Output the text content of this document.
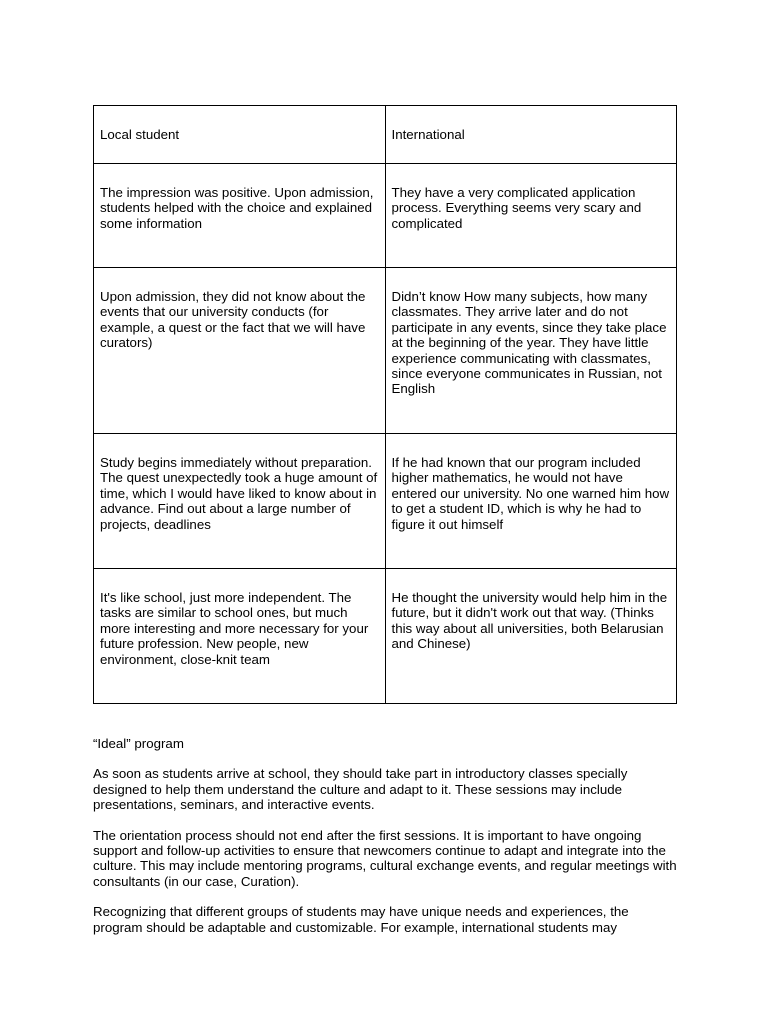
Local student	International
The impression was positive. Upon admission, students helped with the choice and explained some information	They have a very complicated application process. Everything seems very scary and complicated
Upon admission, they did not know about the events that our university conducts (for example, a quest or the fact that we will have curators)	Didn’t know How many subjects, how many classmates. They arrive later and do not participate in any events, since they take place at the beginning of the year. They have little experience communicating with classmates, since everyone communicates in Russian, not English
Study begins immediately without preparation. The quest unexpectedly took a huge amount of time, which I would have liked to know about in advance. Find out about a large number of projects, deadlines	If he had known that our program included higher mathematics, he would not have entered our university. No one warned him how to get a student ID, which is why he had to figure it out himself
It's like school, just more independent. The tasks are similar to school ones, but much more interesting and more necessary for your future profession. New people, new environment, close-knit team	He thought the university would help him in the future, but it didn't work out that way. (Thinks this way about all universities, both Belarusian and Chinese)

“Ideal” program

As soon as students arrive at school, they should take part in introductory classes specially designed to help them understand the culture and adapt to it. These sessions may include presentations, seminars, and interactive events.

The orientation process should not end after the first sessions. It is important to have ongoing support and follow-up activities to ensure that newcomers continue to adapt and integrate into the culture. This may include mentoring programs, cultural exchange events, and regular meetings with consultants (in our case, Curation).

Recognizing that different groups of students may have unique needs and experiences, the program should be adaptable and customizable. For example, international students may
